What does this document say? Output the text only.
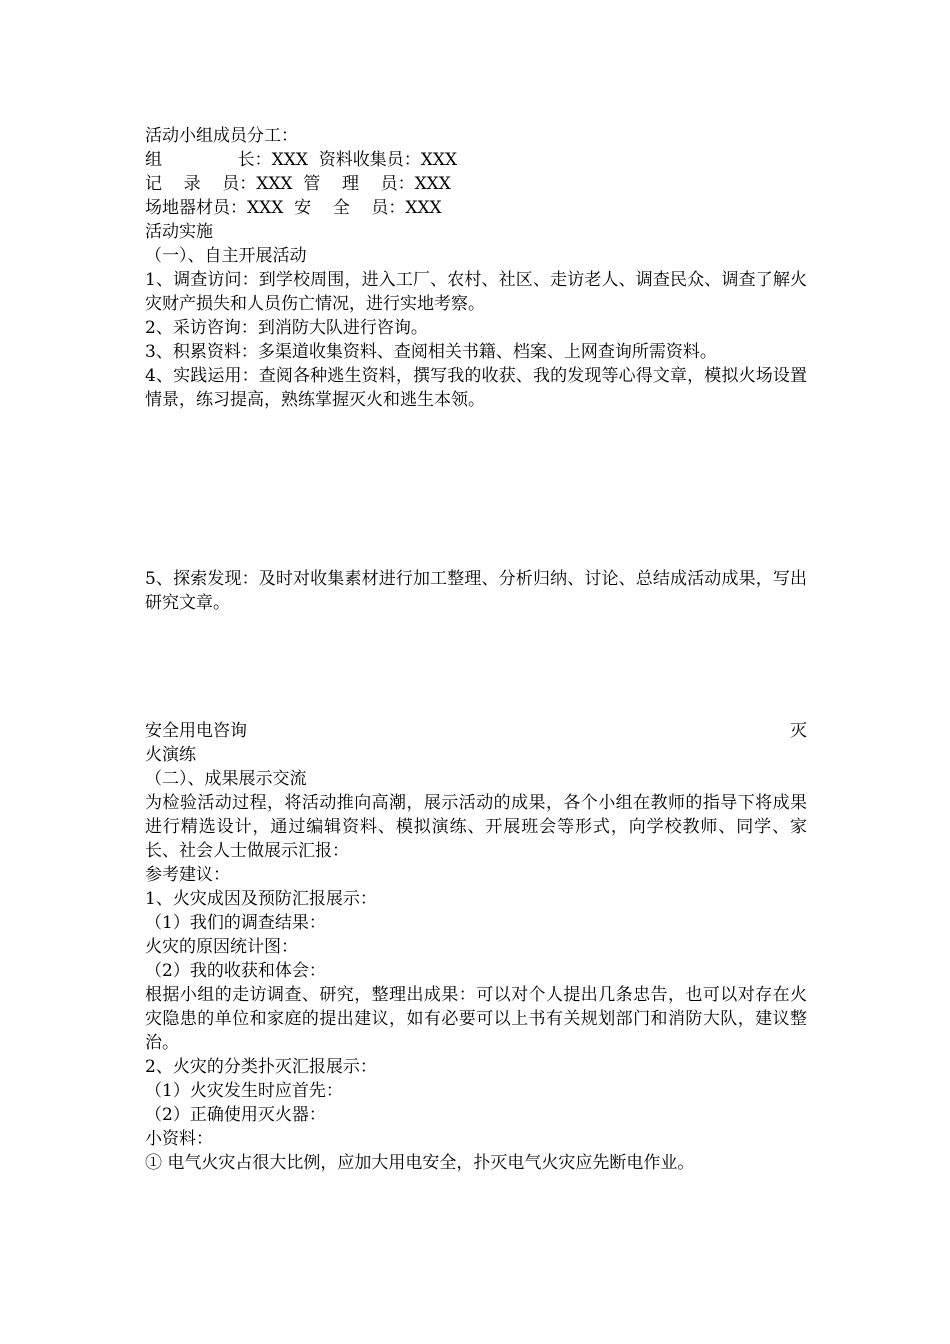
活动小组成员分工：
组              长：XXX  资料收集员：XXX
记    录    员：XXX  管    理    员：XXX
场地器材员：XXX  安    全    员：XXX
活动实施
（一）、自主开展活动
1、调查访问：到学校周围，进入工厂、农村、社区、走访老人、调查民众、调查了解火灾财产损失和人员伤亡情况，进行实地考察。
2、采访咨询：到消防大队进行咨询。
3、积累资料：多渠道收集资料、查阅相关书籍、档案、上网查询所需资料。
4、实践运用：查阅各种逃生资料，撰写我的收获、我的发现等心得文章，模拟火场设置情景，练习提高，熟练掌握灭火和逃生本领。
5、探索发现：及时对收集素材进行加工整理、分析归纳、讨论、总结成活动成果，写出研究文章。
安全用电咨询	灭
火演练
（二）、成果展示交流
为检验活动过程，将活动推向高潮，展示活动的成果，各个小组在教师的指导下将成果进行精选设计，通过编辑资料、模拟演练、开展班会等形式，向学校教师、同学、家长、社会人士做展示汇报：
参考建议：
1、火灾成因及预防汇报展示：
（1）我们的调查结果：
火灾的原因统计图：
（2）我的收获和体会：
根据小组的走访调查、研究，整理出成果：可以对个人提出几条忠告，也可以对存在火灾隐患的单位和家庭的提出建议，如有必要可以上书有关规划部门和消防大队，建议整治。
2、火灾的分类扑灭汇报展示：
（1）火灾发生时应首先：
（2）正确使用灭火器：
小资料：
① 电气火灾占很大比例，应加大用电安全，扑灭电气火灾应先断电作业。
